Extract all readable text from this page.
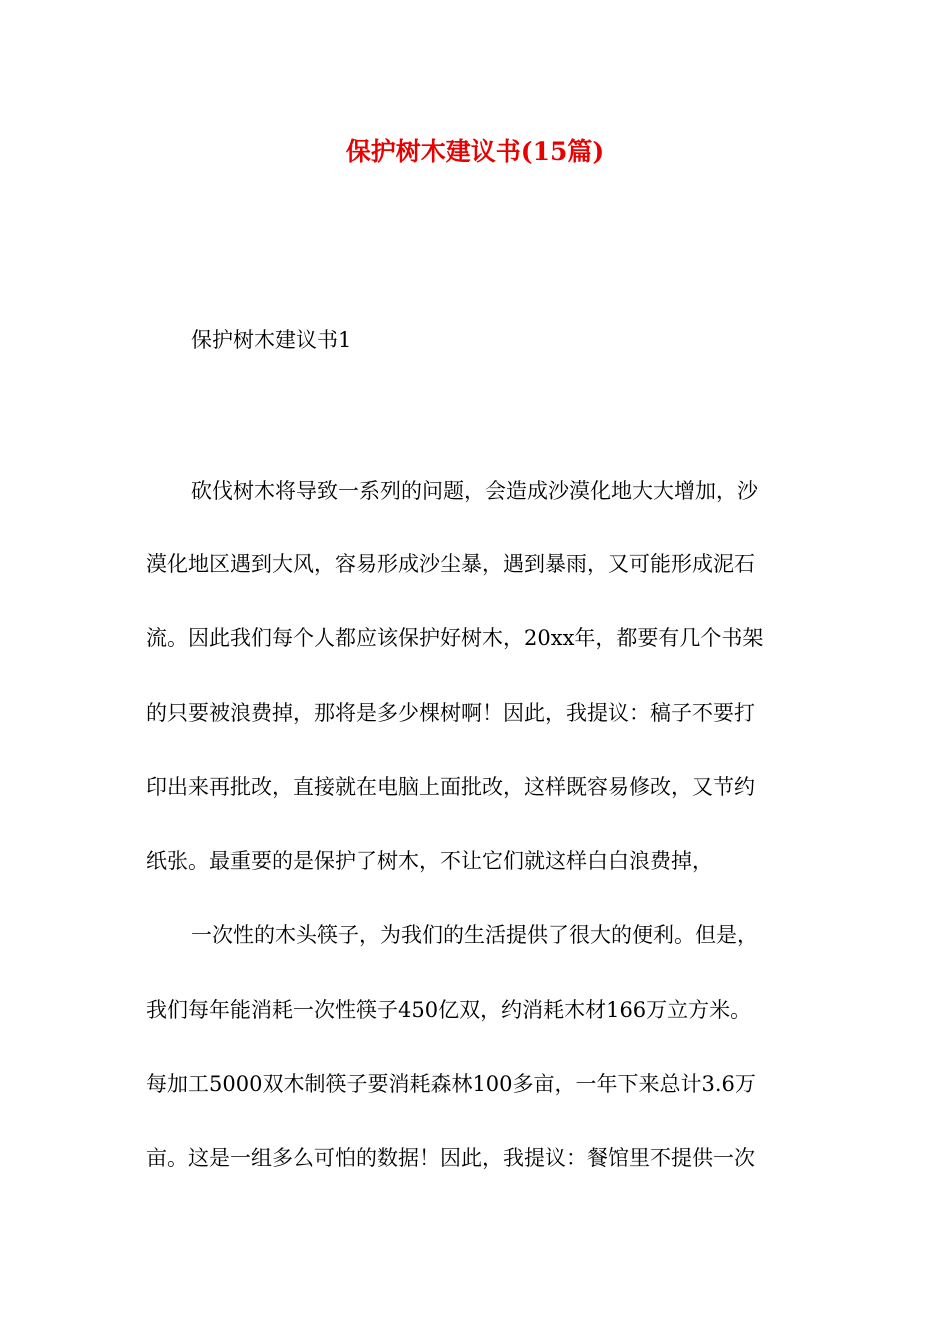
保护树木建议书(15篇)
保护树木建议书1
砍伐树木将导致一系列的问题，会造成沙漠化地大大增加，沙
漠化地区遇到大风，容易形成沙尘暴，遇到暴雨，又可能形成泥石
流。因此我们每个人都应该保护好树木，20xx年，都要有几个书架
的只要被浪费掉，那将是多少棵树啊！因此，我提议：稿子不要打
印出来再批改，直接就在电脑上面批改，这样既容易修改，又节约
纸张。最重要的是保护了树木，不让它们就这样白白浪费掉，
一次性的木头筷子，为我们的生活提供了很大的便利。但是，
我们每年能消耗一次性筷子450亿双，约消耗木材166万立方米。
每加工5000双木制筷子要消耗森林100多亩，一年下来总计3.6万
亩。这是一组多么可怕的数据！因此，我提议：餐馆里不提供一次
